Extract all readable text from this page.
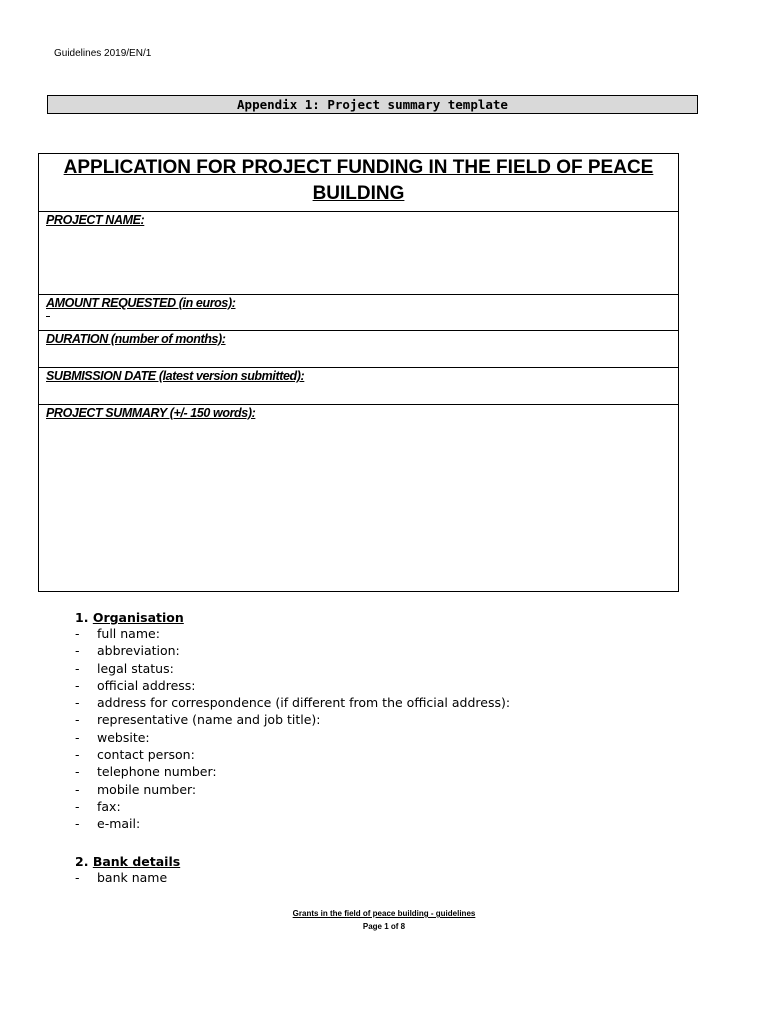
Guidelines 2019/EN/1
Appendix 1: Project summary template
APPLICATION FOR PROJECT FUNDING IN THE FIELD OF PEACE
BUILDING
PROJECT NAME:
AMOUNT REQUESTED (in euros):
DURATION (number of months):
SUBMISSION DATE (latest version submitted):
PROJECT SUMMARY (+/- 150 words):
1. Organisation
- full name:
- abbreviation:
- legal status:
- official address:
- address for correspondence (if different from the official address):
- representative (name and job title):
- website:
- contact person:
- telephone number:
- mobile number:
- fax:
- e-mail:
2. Bank details
- bank name
Grants in the field of peace building - guidelines
Page 1 of 8
